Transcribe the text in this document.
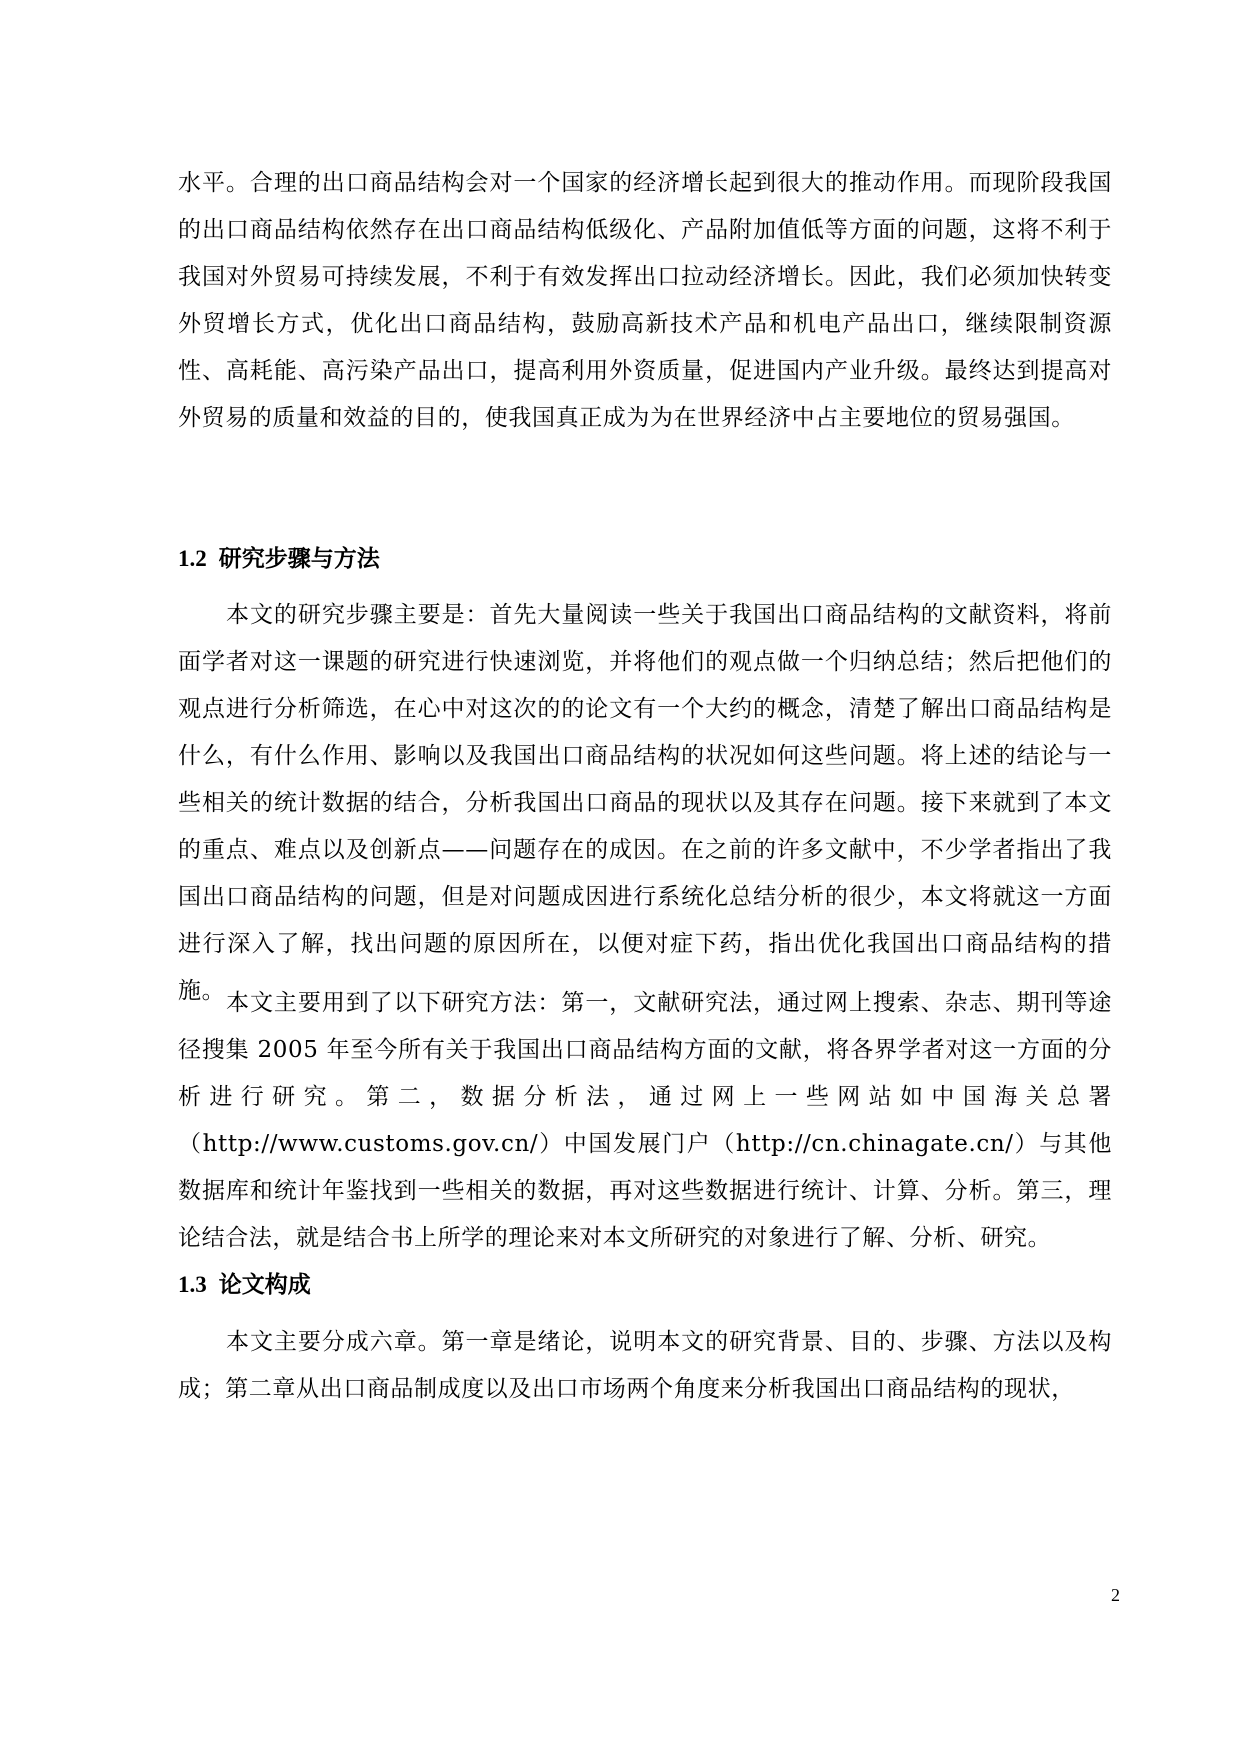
水平。合理的出口商品结构会对一个国家的经济增长起到很大的推动作用。而现阶段我国的出口商品结构依然存在出口商品结构低级化、产品附加值低等方面的问题，这将不利于我国对外贸易可持续发展，不利于有效发挥出口拉动经济增长。因此，我们必须加快转变外贸增长方式，优化出口商品结构，鼓励高新技术产品和机电产品出口，继续限制资源性、高耗能、高污染产品出口，提高利用外资质量，促进国内产业升级。最终达到提高对外贸易的质量和效益的目的，使我国真正成为为在世界经济中占主要地位的贸易强国。

1.2 研究步骤与方法

本文的研究步骤主要是：首先大量阅读一些关于我国出口商品结构的文献资料，将前面学者对这一课题的研究进行快速浏览，并将他们的观点做一个归纳总结；然后把他们的观点进行分析筛选，在心中对这次的的论文有一个大约的概念，清楚了解出口商品结构是什么，有什么作用、影响以及我国出口商品结构的状况如何这些问题。将上述的结论与一些相关的统计数据的结合，分析我国出口商品的现状以及其存在问题。接下来就到了本文的重点、难点以及创新点——问题存在的成因。在之前的许多文献中，不少学者指出了我国出口商品结构的问题，但是对问题成因进行系统化总结分析的很少，本文将就这一方面进行深入了解，找出问题的原因所在，以便对症下药，指出优化我国出口商品结构的措施。 本文主要用到了以下研究方法：第一，文献研究法，通过网上搜索、杂志、期刊等途径搜集 2005 年至今所有关于我国出口商品结构方面的文献，将各界学者对这一方面的分析进行研究。第二，数据分析法，通过网上一些网站如中国海关总署（http://www.customs.gov.cn/）中国发展门户（http://cn.chinagate.cn/）与其他数据库和统计年鉴找到一些相关的数据，再对这些数据进行统计、计算、分析。第三，理论结合法，就是结合书上所学的理论来对本文所研究的对象进行了解、分析、研究。

1.3 论文构成

本文主要分成六章。第一章是绪论，说明本文的研究背景、目的、步骤、方法以及构成；第二章从出口商品制成度以及出口市场两个角度来分析我国出口商品结构的现状，

2
